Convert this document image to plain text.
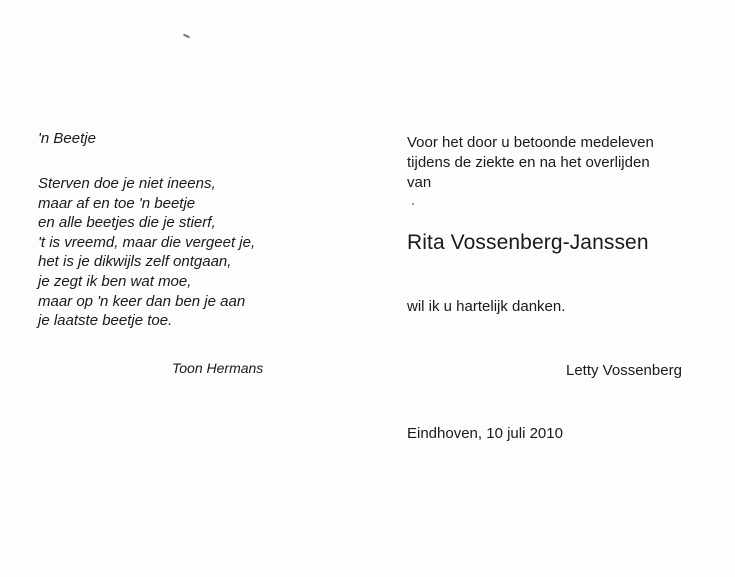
'n Beetje
Sterven doe je niet ineens,
maar af en toe 'n beetje
en alle beetjes die je stierf,
't is vreemd, maar die vergeet je,
het is je dikwijls zelf ontgaan,
je zegt ik ben wat moe,
maar op 'n keer dan ben je aan
je laatste beetje toe.
Toon Hermans
Voor het door u betoonde medeleven
tijdens de ziekte en na het overlijden
van
Rita Vossenberg-Janssen
wil ik u hartelijk danken.
Letty Vossenberg
Eindhoven, 10 juli 2010
